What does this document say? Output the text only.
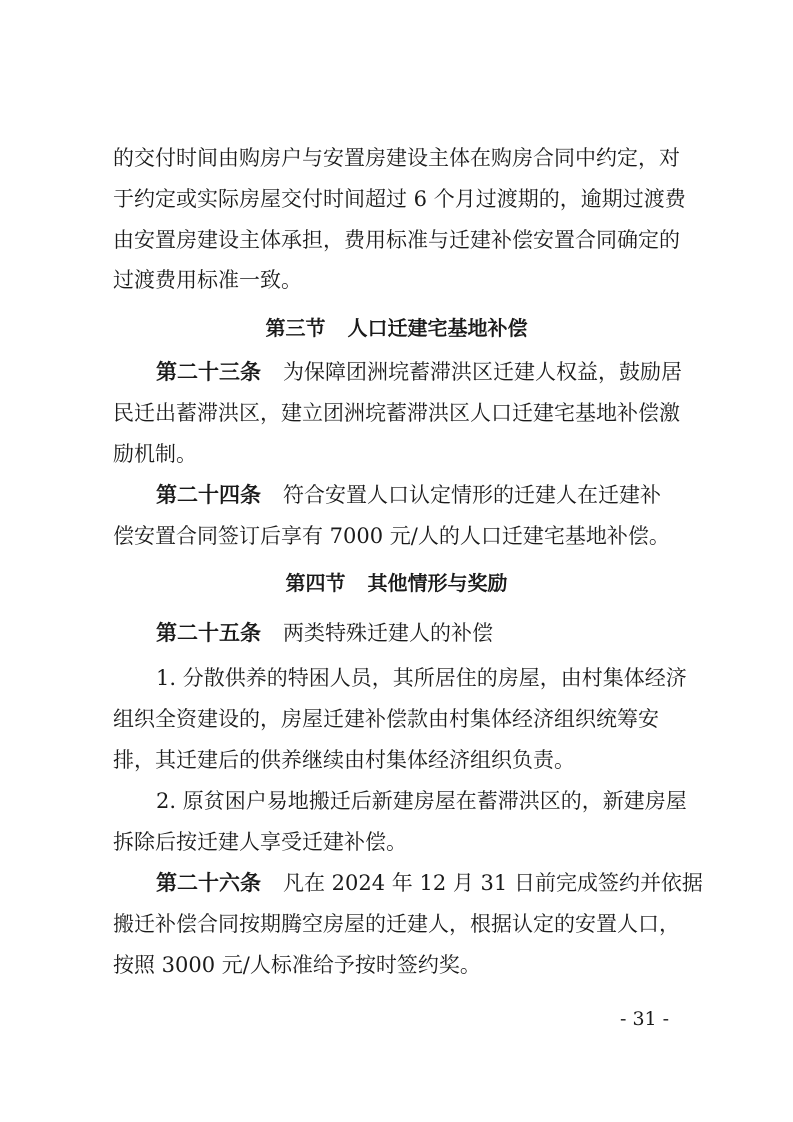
的交付时间由购房户与安置房建设主体在购房合同中约定，对
于约定或实际房屋交付时间超过 6 个月过渡期的，逾期过渡费
由安置房建设主体承担，费用标准与迁建补偿安置合同确定的
过渡费用标准一致。
第三节 人口迁建宅基地补偿
第二十三条 为保障团洲垸蓄滞洪区迁建人权益，鼓励居
民迁出蓄滞洪区，建立团洲垸蓄滞洪区人口迁建宅基地补偿激
励机制。
第二十四条 符合安置人口认定情形的迁建人在迁建补
偿安置合同签订后享有 7000 元/人的人口迁建宅基地补偿。
第四节 其他情形与奖励
第二十五条 两类特殊迁建人的补偿
1. 分散供养的特困人员，其所居住的房屋，由村集体经济
组织全资建设的，房屋迁建补偿款由村集体经济组织统筹安
排，其迁建后的供养继续由村集体经济组织负责。
2. 原贫困户易地搬迁后新建房屋在蓄滞洪区的，新建房屋
拆除后按迁建人享受迁建补偿。
第二十六条 凡在 2024 年 12 月 31 日前完成签约并依据
搬迁补偿合同按期腾空房屋的迁建人，根据认定的安置人口，
按照 3000 元/人标准给予按时签约奖。
- 31 -
